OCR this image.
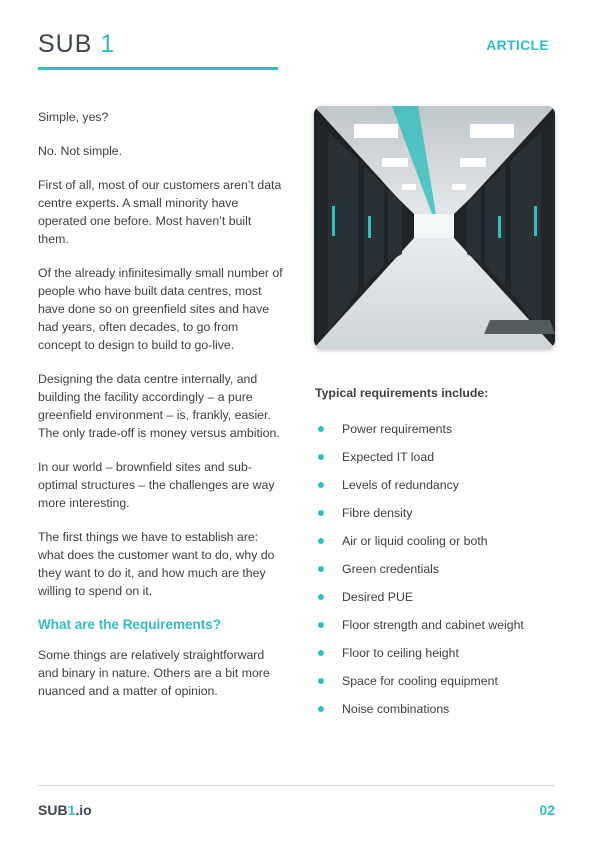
SUB 1	ARTICLE

Simple, yes?

No. Not simple.

First of all, most of our customers aren’t data centre experts. A small minority have operated one before. Most haven’t built them.

Of the already infinitesimally small number of people who have built data centres, most have done so on greenfield sites and have had years, often decades, to go from concept to design to build to go-live.

Designing the data centre internally, and building the facility accordingly – a pure greenfield environment – is, frankly, easier. The only trade-off is money versus ambition.

In our world – brownfield sites and sub-optimal structures – the challenges are way more interesting.

The first things we have to establish are: what does the customer want to do, why do they want to do it, and how much are they willing to spend on it.

What are the Requirements?

Some things are relatively straightforward and binary in nature. Others are a bit more nuanced and a matter of opinion.

Typical requirements include:
Power requirements
Expected IT load
Levels of redundancy
Fibre density
Air or liquid cooling or both
Green credentials
Desired PUE
Floor strength and cabinet weight
Floor to ceiling height
Space for cooling equipment
Noise combinations
SUB1.io	02
